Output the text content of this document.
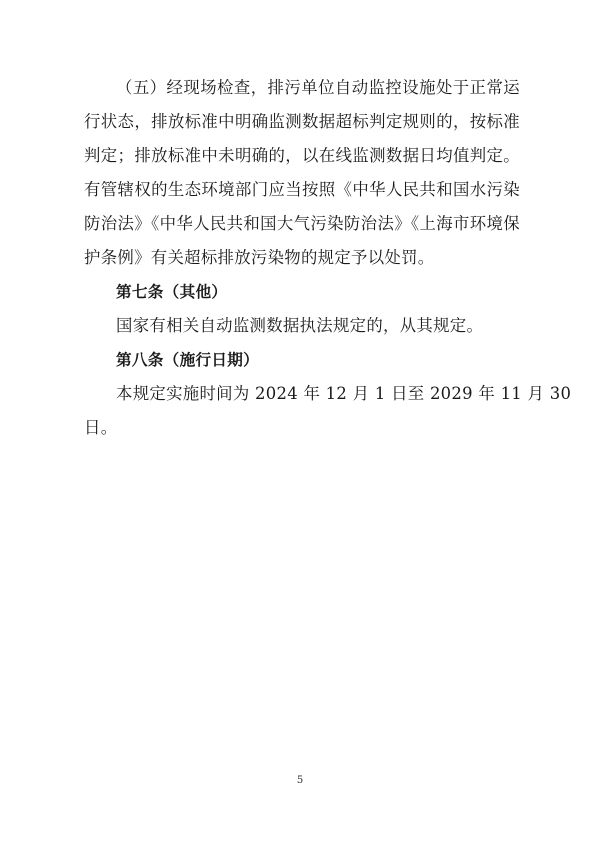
（五）经现场检查，排污单位自动监控设施处于正常运
行状态，排放标准中明确监测数据超标判定规则的，按标准
判定；排放标准中未明确的，以在线监测数据日均值判定。
有管辖权的生态环境部门应当按照《中华人民共和国水污染
防治法》《中华人民共和国大气污染防治法》《上海市环境保
护条例》有关超标排放污染物的规定予以处罚。
第七条（其他）
国家有相关自动监测数据执法规定的，从其规定。
第八条（施行日期）
本规定实施时间为 2024 年 12 月 1 日至 2029 年 11 月 30
日。
5
